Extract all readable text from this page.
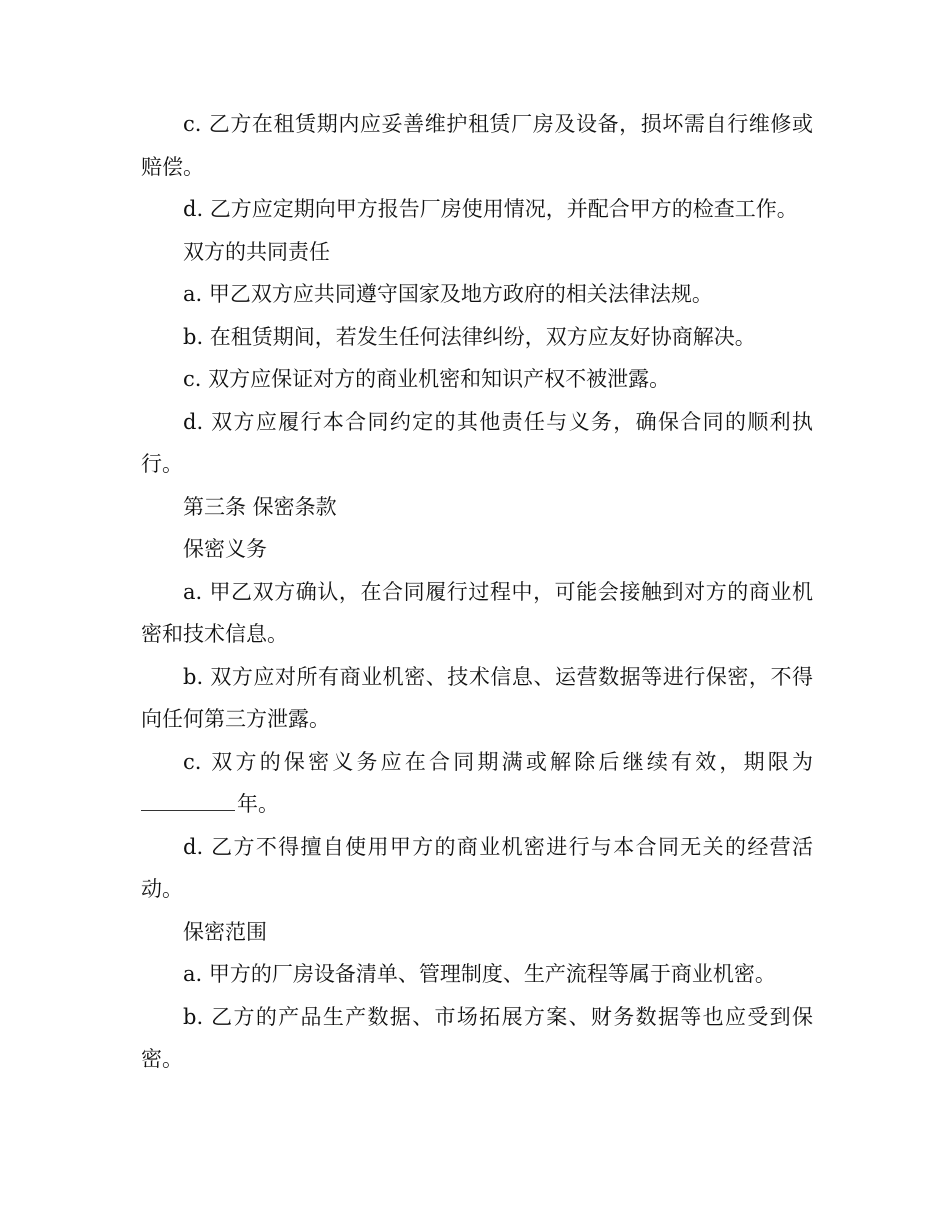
c. 乙方在租赁期内应妥善维护租赁厂房及设备，损坏需自行维修或赔偿。

d. 乙方应定期向甲方报告厂房使用情况，并配合甲方的检查工作。

双方的共同责任

a. 甲乙双方应共同遵守国家及地方政府的相关法律法规。

b. 在租赁期间，若发生任何法律纠纷，双方应友好协商解决。

c. 双方应保证对方的商业机密和知识产权不被泄露。

d. 双方应履行本合同约定的其他责任与义务，确保合同的顺利执行。

第三条 保密条款

保密义务

a. 甲乙双方确认，在合同履行过程中，可能会接触到对方的商业机密和技术信息。

b. 双方应对所有商业机密、技术信息、运营数据等进行保密，不得向任何第三方泄露。

c. 双方的保密义务应在合同期满或解除后继续有效，期限为年。

d. 乙方不得擅自使用甲方的商业机密进行与本合同无关的经营活动。

保密范围

a. 甲方的厂房设备清单、管理制度、生产流程等属于商业机密。

b. 乙方的产品生产数据、市场拓展方案、财务数据等也应受到保密。
